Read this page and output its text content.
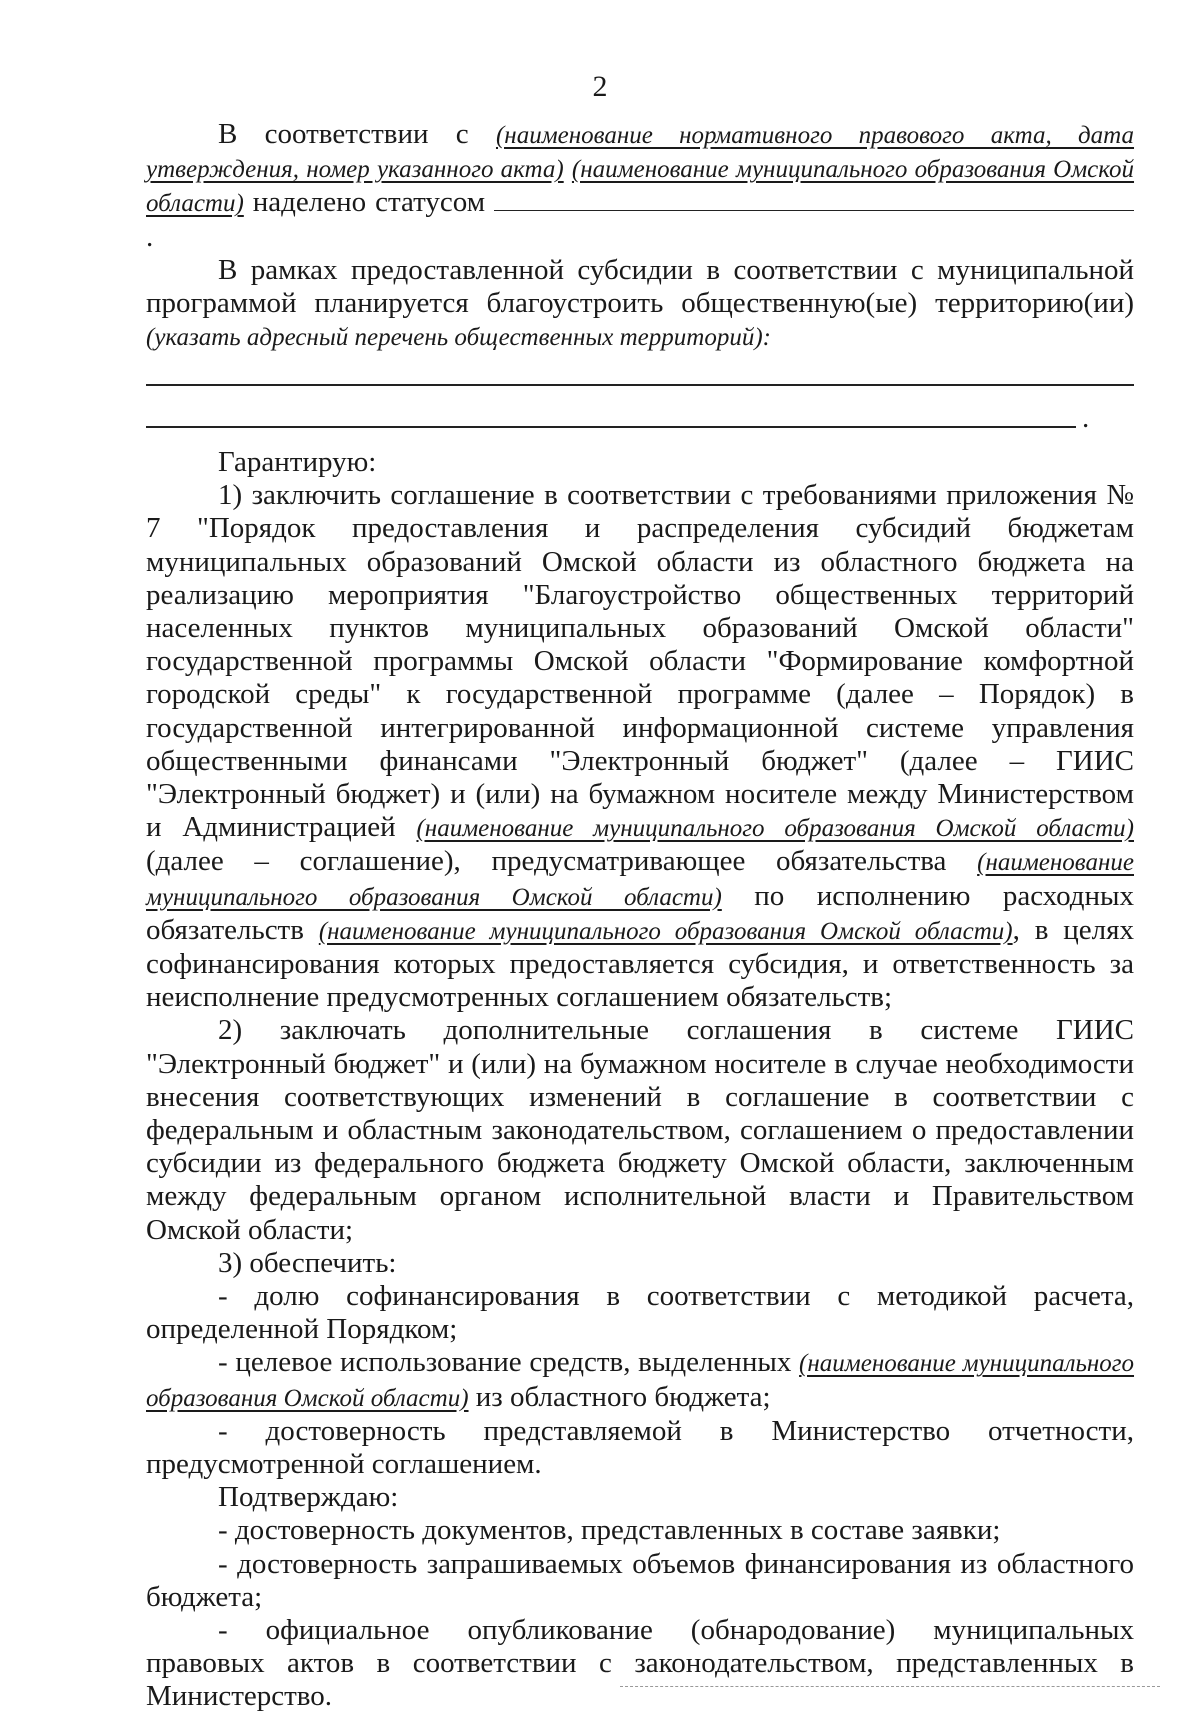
2

В соответствии с (наименование нормативного правового акта, дата утверждения, номер указанного акта) (наименование муниципального образования Омской области) наделено статусом .

В рамках предоставленной субсидии в соответствии с муниципальной программой планируется благоустроить общественную(ые) территорию(ии) (указать адресный перечень общественных территорий):

.

Гарантирую:

1) заключить соглашение в соответствии с требованиями приложения № 7 "Порядок предоставления и распределения субсидий бюджетам муниципальных образований Омской области из областного бюджета на реализацию мероприятия "Благоустройство общественных территорий населенных пунктов муниципальных образований Омской области" государственной программы Омской области "Формирование комфортной городской среды" к государственной программе (далее – Порядок) в государственной интегрированной информационной системе управления общественными финансами "Электронный бюджет" (далее – ГИИС "Электронный бюджет) и (или) на бумажном носителе между Министерством и Администрацией (наименование муниципального образования Омской области) (далее – соглашение), предусматривающее обязательства (наименование муниципального образования Омской области) по исполнению расходных обязательств (наименование муниципального образования Омской области), в целях софинансирования которых предоставляется субсидия, и ответственность за неисполнение предусмотренных соглашением обязательств;

2) заключать дополнительные соглашения в системе ГИИС "Электронный бюджет" и (или) на бумажном носителе в случае необходимости внесения соответствующих изменений в соглашение в соответствии с федеральным и областным законодательством, соглашением о предоставлении субсидии из федерального бюджета бюджету Омской области, заключенным между федеральным органом исполнительной власти и Правительством Омской области;

3) обеспечить:

- долю софинансирования в соответствии с методикой расчета, определенной Порядком;

- целевое использование средств, выделенных (наименование муниципального образования Омской области) из областного бюджета;

- достоверность представляемой в Министерство отчетности, предусмотренной соглашением.

Подтверждаю:

- достоверность документов, представленных в составе заявки;

- достоверность запрашиваемых объемов финансирования из областного бюджета;

- официальное опубликование (обнародование) муниципальных правовых актов в соответствии с законодательством, представленных в Министерство.
